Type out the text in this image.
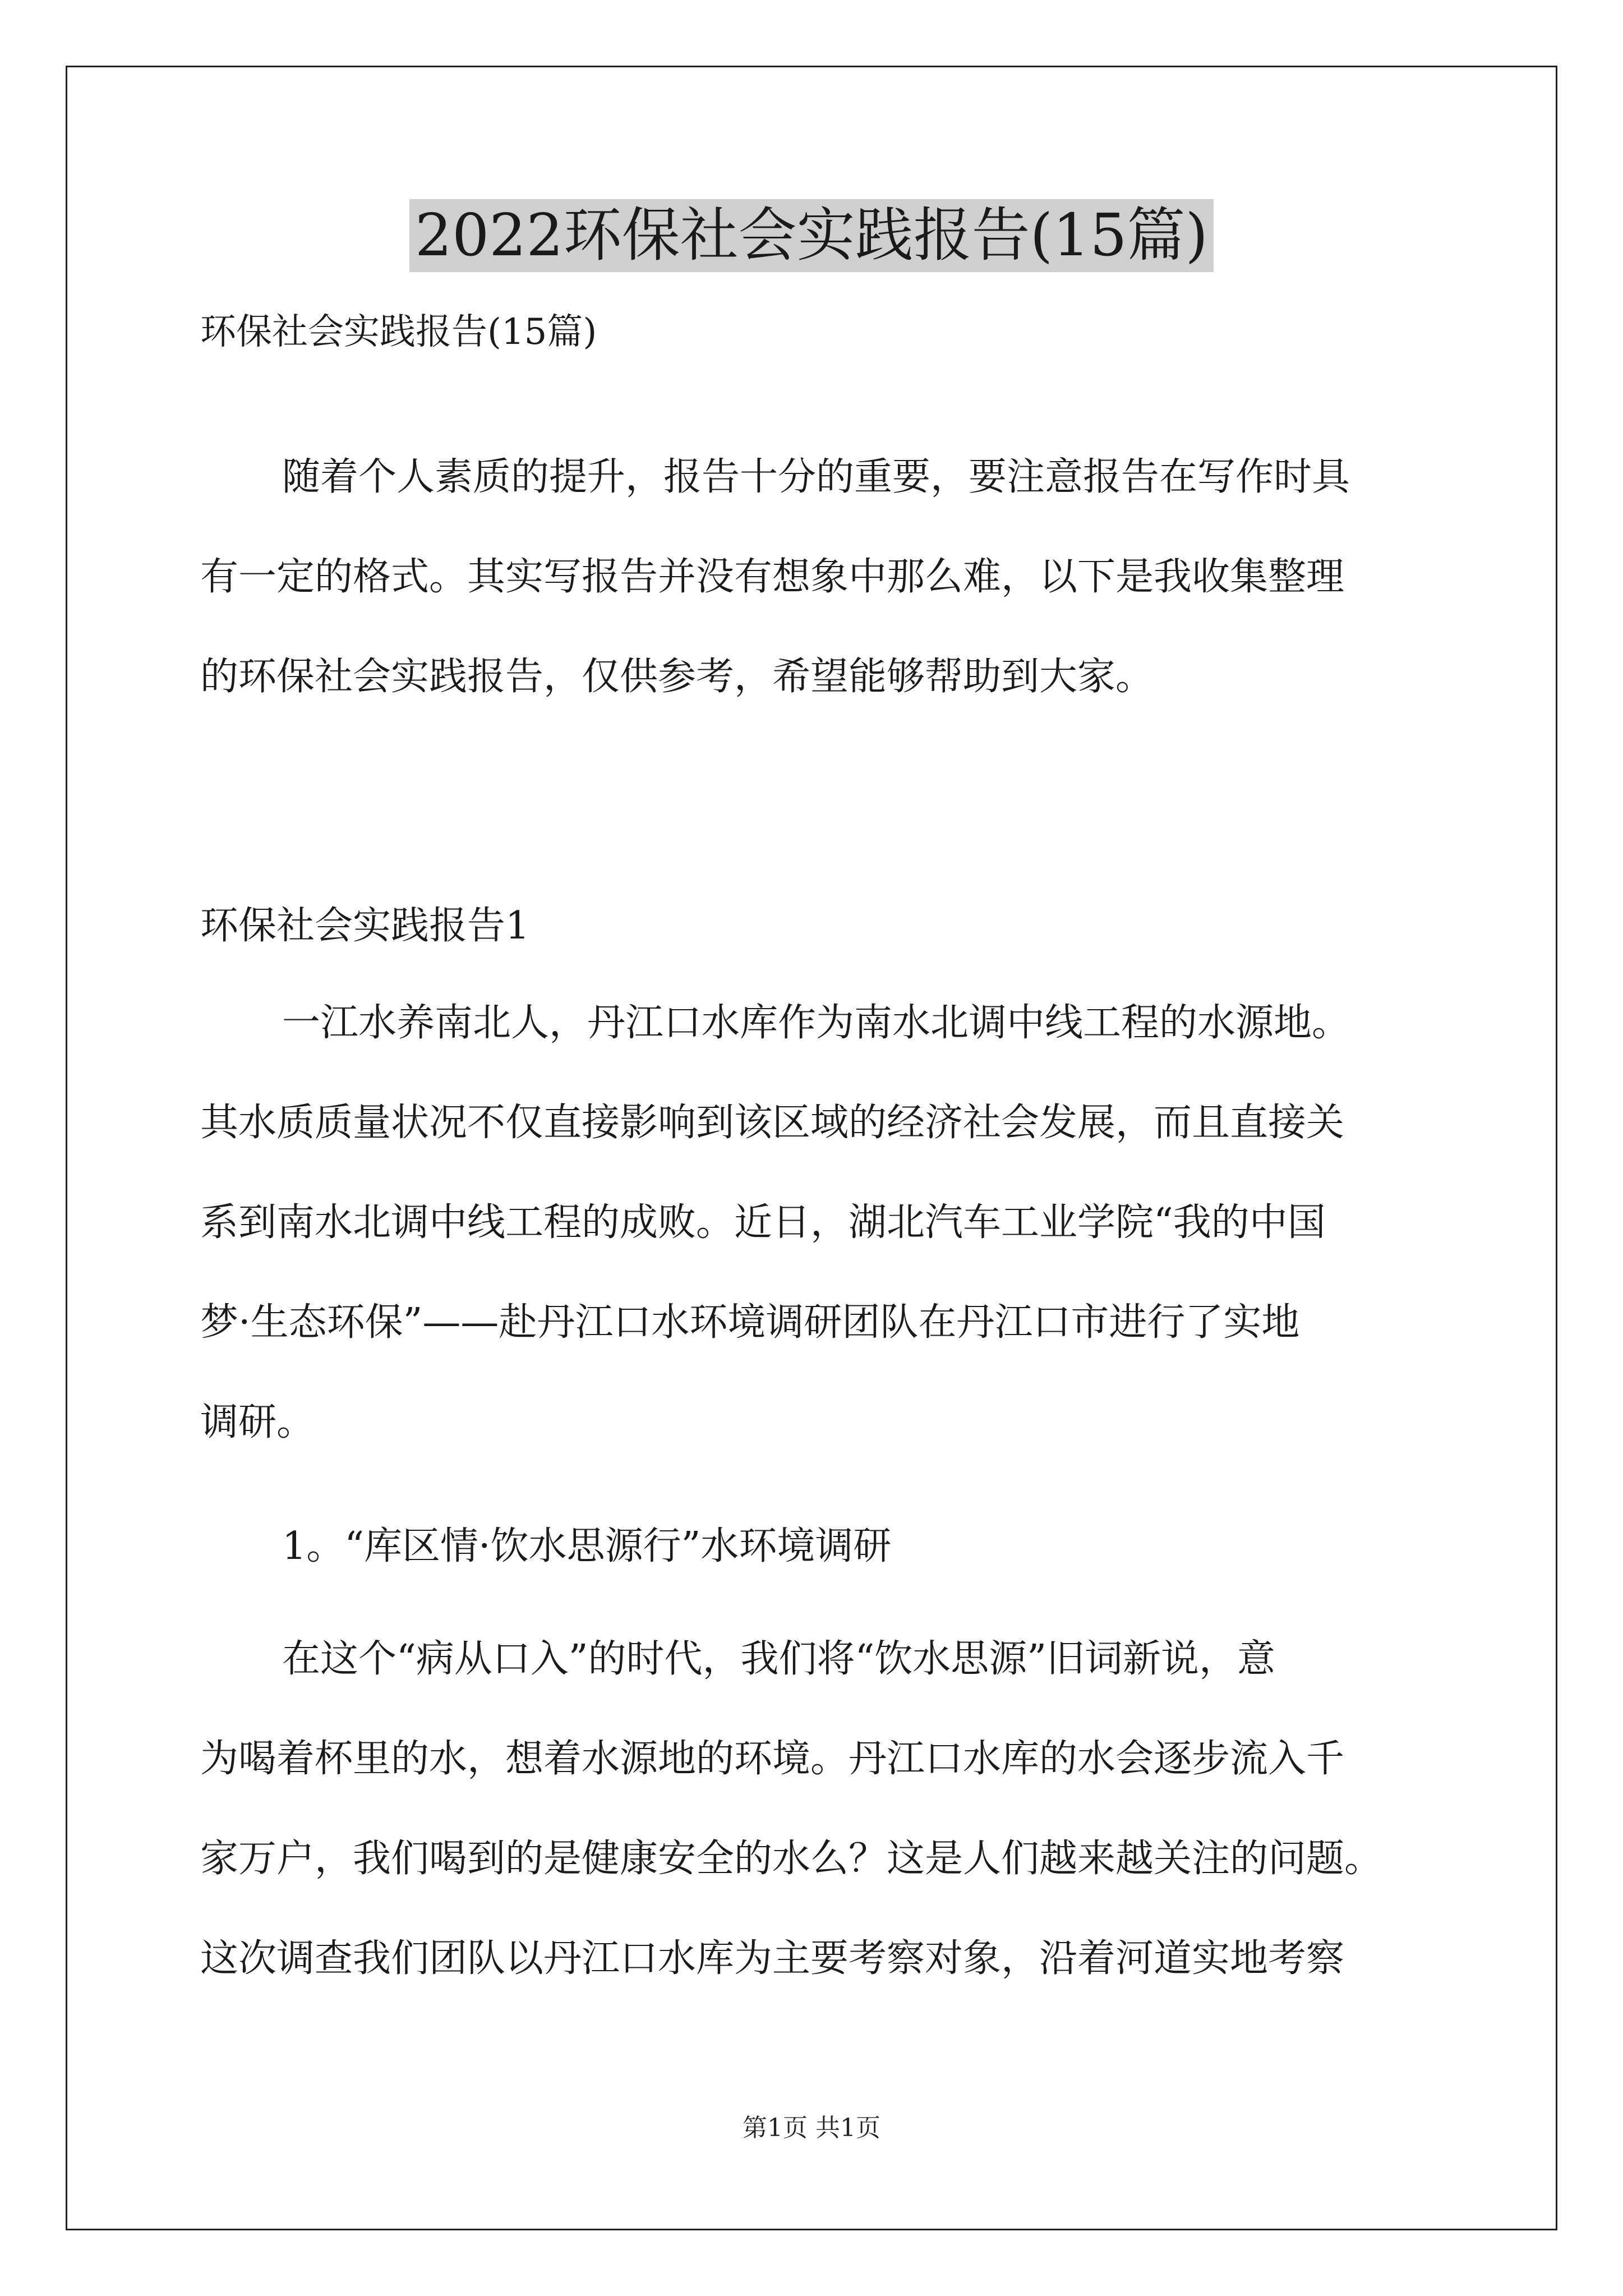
2022环保社会实践报告(15篇)
环保社会实践报告(15篇)
随着个人素质的提升，报告十分的重要，要注意报告在写作时具
有一定的格式。其实写报告并没有想象中那么难，以下是我收集整理
的环保社会实践报告，仅供参考，希望能够帮助到大家。
环保社会实践报告1
一江水养南北人，丹江口水库作为南水北调中线工程的水源地。
其水质质量状况不仅直接影响到该区域的经济社会发展，而且直接关
系到南水北调中线工程的成败。近日，湖北汽车工业学院“我的中国
梦·生态环保”——赴丹江口水环境调研团队在丹江口市进行了实地
调研。
1。“库区情·饮水思源行”水环境调研
在这个“病从口入”的时代，我们将“饮水思源”旧词新说，意
为喝着杯里的水，想着水源地的环境。丹江口水库的水会逐步流入千
家万户，我们喝到的是健康安全的水么？这是人们越来越关注的问题。
这次调查我们团队以丹江口水库为主要考察对象，沿着河道实地考察
第1页 共1页
